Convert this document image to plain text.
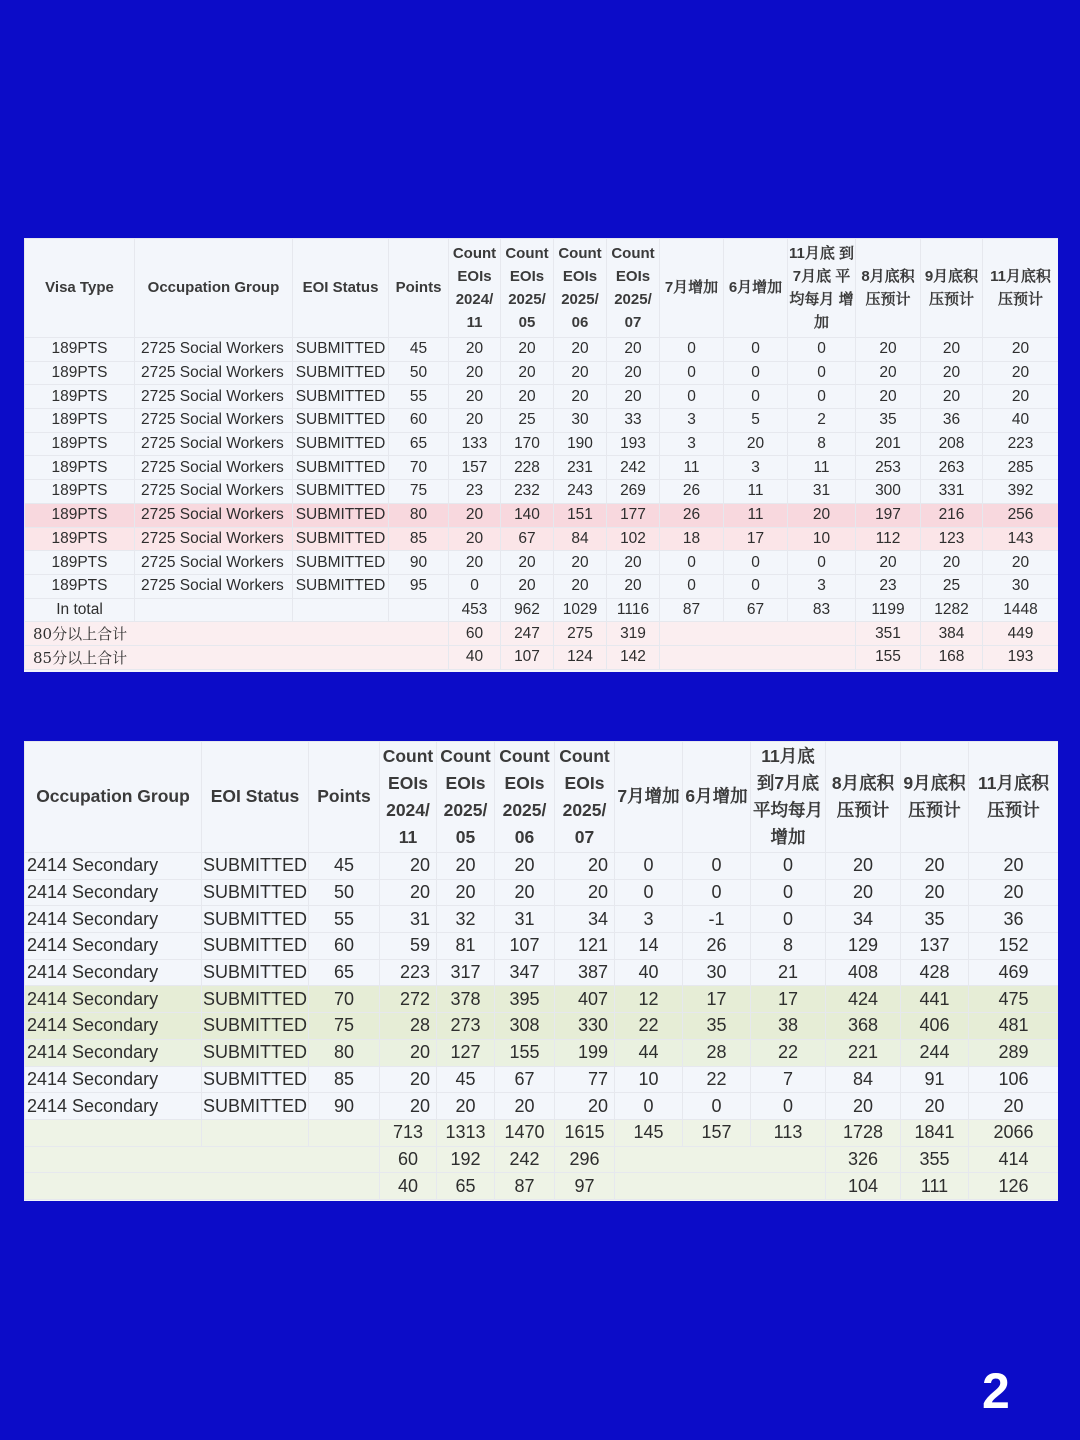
Visa Type	Occupation Group	EOI Status	Points	Count EOIs 2024/ 11	Count EOIs 2025/ 05	Count EOIs 2025/ 06	Count EOIs 2025/ 07	7月增加	6月增加	11月底 到7月底 平均每月 增加	8月底积 压预计	9月底积 压预计	11月底积 压预计
189PTS	2725 Social Workers	SUBMITTED	45	20	20	20	20	0	0	0	20	20	20
189PTS	2725 Social Workers	SUBMITTED	50	20	20	20	20	0	0	0	20	20	20
189PTS	2725 Social Workers	SUBMITTED	55	20	20	20	20	0	0	0	20	20	20
189PTS	2725 Social Workers	SUBMITTED	60	20	25	30	33	3	5	2	35	36	40
189PTS	2725 Social Workers	SUBMITTED	65	133	170	190	193	3	20	8	201	208	223
189PTS	2725 Social Workers	SUBMITTED	70	157	228	231	242	11	3	11	253	263	285
189PTS	2725 Social Workers	SUBMITTED	75	23	232	243	269	26	11	31	300	331	392
189PTS	2725 Social Workers	SUBMITTED	80	20	140	151	177	26	11	20	197	216	256
189PTS	2725 Social Workers	SUBMITTED	85	20	67	84	102	18	17	10	112	123	143
189PTS	2725 Social Workers	SUBMITTED	90	20	20	20	20	0	0	0	20	20	20
189PTS	2725 Social Workers	SUBMITTED	95	0	20	20	20	0	0	3	23	25	30
In total				453	962	1029	1116	87	67	83	1199	1282	1448
80分以上合计				60	247	275	319				351	384	449
85分以上合计				40	107	124	142				155	168	193
Occupation Group	EOI Status	Points	Count EOIs 2024/ 11	Count EOIs 2025/ 05	Count EOIs 2025/ 06	Count EOIs 2025/ 07	7月增加	6月增加	11月底 到7月底 平均每月 增加	8月底积 压预计	9月底积 压预计	11月底积 压预计
2414 Secondary	SUBMITTED	45	20	20	20	20	0	0	0	20	20	20
2414 Secondary	SUBMITTED	50	20	20	20	20	0	0	0	20	20	20
2414 Secondary	SUBMITTED	55	31	32	31	34	3	-1	0	34	35	36
2414 Secondary	SUBMITTED	60	59	81	107	121	14	26	8	129	137	152
2414 Secondary	SUBMITTED	65	223	317	347	387	40	30	21	408	428	469
2414 Secondary	SUBMITTED	70	272	378	395	407	12	17	17	424	441	475
2414 Secondary	SUBMITTED	75	28	273	308	330	22	35	38	368	406	481
2414 Secondary	SUBMITTED	80	20	127	155	199	44	28	22	221	244	289
2414 Secondary	SUBMITTED	85	20	45	67	77	10	22	7	84	91	106
2414 Secondary	SUBMITTED	90	20	20	20	20	0	0	0	20	20	20
			713	1313	1470	1615	145	157	113	1728	1841	2066
			60	192	242	296				326	355	414
			40	65	87	97				104	111	126
2
